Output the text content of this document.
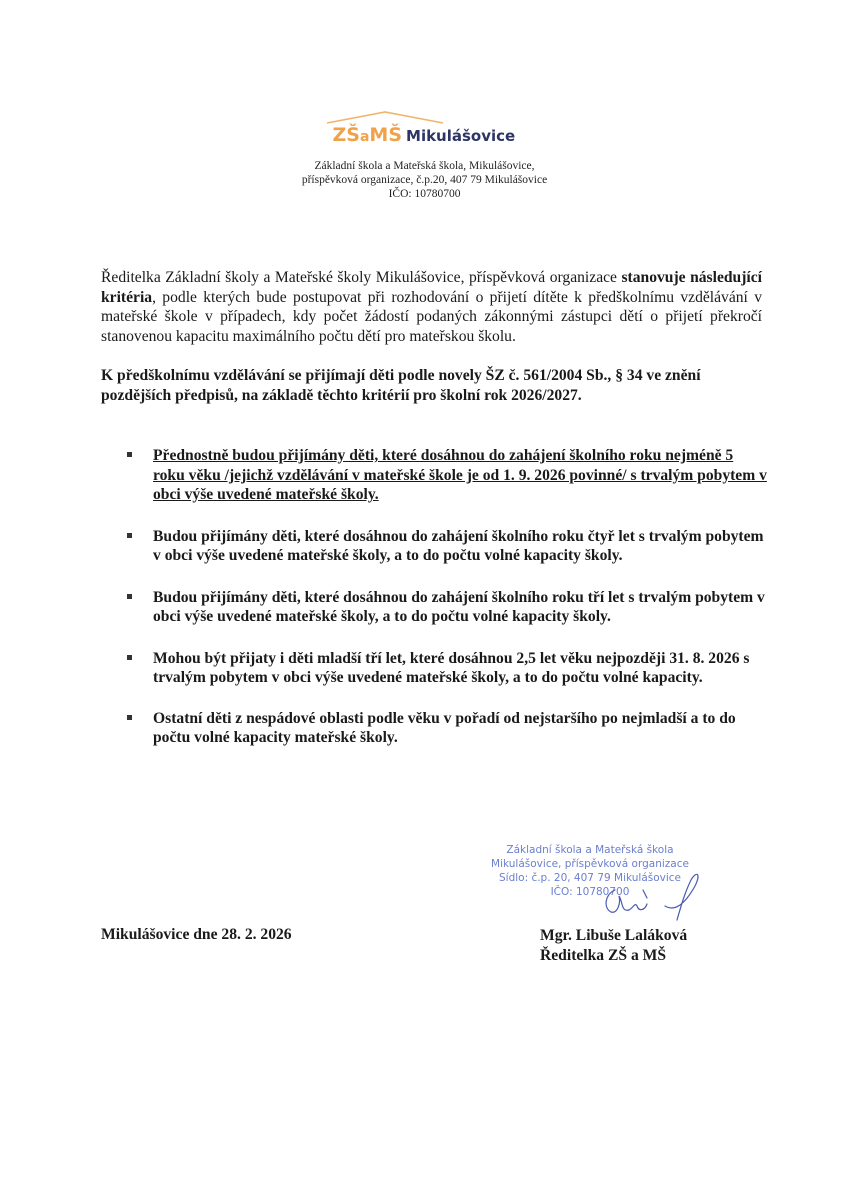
ZŠaMŠ Mikulášovice
Základní škola a Mateřská škola, Mikulášovice,
příspěvková organizace, č.p.20, 407 79 Mikulášovice
IČO: 10780700
Ředitelka Základní školy a Mateřské školy Mikulášovice, příspěvková organizace stanovuje následující kritéria, podle kterých bude postupovat při rozhodování o přijetí dítěte k předškolnímu vzdělávání v mateřské škole v případech, kdy počet žádostí podaných zákonnými zástupci dětí o přijetí překročí stanovenou kapacitu maximálního počtu dětí pro mateřskou školu.
K předškolnímu vzdělávání se přijímají děti podle novely ŠZ č. 561/2004 Sb., § 34 ve znění pozdějších předpisů, na základě těchto kritérií pro školní rok 2026/2027.
Přednostně budou přijímány děti, které dosáhnou do zahájení školního roku nejméně 5 roku věku /jejichž vzdělávání v mateřské škole je od 1. 9. 2026 povinné/ s trvalým pobytem v obci výše uvedené mateřské školy.
Budou přijímány děti, které dosáhnou do zahájení školního roku čtyř let s trvalým pobytem v obci výše uvedené mateřské školy, a to do počtu volné kapacity školy.
Budou přijímány děti, které dosáhnou do zahájení školního roku tří let s trvalým pobytem v obci výše uvedené mateřské školy, a to do počtu volné kapacity školy.
Mohou být přijaty i děti mladší tří let, které dosáhnou 2,5 let věku nejpozději 31. 8. 2026 s trvalým pobytem v obci výše uvedené mateřské školy, a to do počtu volné kapacity.
Ostatní děti z nespádové oblasti podle věku v pořadí od nejstaršího po nejmladší a to do počtu volné kapacity mateřské školy.
Základní škola a Mateřská škola
Mikulášovice, příspěvková organizace
Sídlo: č.p. 20, 407 79 Mikulášovice
IČO: 10780700
Mikulášovice dne 28. 2. 2026	Mgr. Libuše Laláková
Ředitelka ZŠ a MŠ
